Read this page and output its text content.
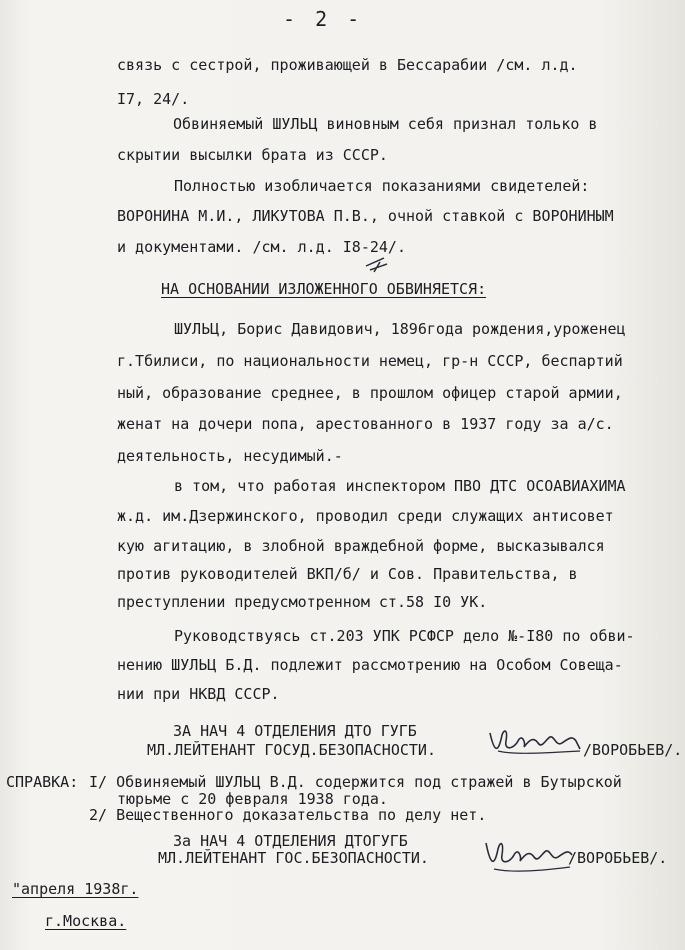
- 2 -
связь с сестрой, проживающей в Бессарабии /см. л.д.
I7, 24/.
Обвиняемый ШУЛЬЦ виновным себя признал только в
скрытии высылки брата из СССР.
Полностью изобличается показаниями свидетелей:
ВОРОНИНА М.И., ЛИКУТОВА П.В., очной ставкой с ВОРОНИНЫМ
и документами. /см. л.д. I8-24/.
НА ОСНОВАНИИ ИЗЛОЖЕННОГО ОБВИНЯЕТСЯ:
ШУЛЬЦ, Борис Давидович, 1896года рождения,уроженец
г.Тбилиси, по национальности немец, гр-н СССР, беспартий
ный, образование среднее, в прошлом офицер старой армии,
женат на дочери попа, арестованного в 1937 году за а/с.
деятельность, несудимый.-
в том, что работая инспектором ПВО ДТС ОСОАВИАХИМА
ж.д. им.Дзержинского, проводил среди служащих антисовет
кую агитацию, в злобной враждебной форме, высказывался
против руководителей ВКП/б/ и Сов. Правительства, в
преступлении предусмотренном ст.58 I0 УК.
Руководствуясь ст.203 УПК РСФСР дело №-I80 по обви-
нению ШУЛЬЦ Б.Д. подлежит рассмотрению на Особом Совеща-
нии при НКВД СССР.
ЗА НАЧ 4 ОТДЕЛЕНИЯ ДТО ГУГБ
МЛ.ЛЕЙТЕНАНТ ГОСУД.БЕЗОПАСНОСТИ.	/ВОРОБЬЕВ/.
СПРАВКА: I/ Обвиняемый ШУЛЬЦ В.Д. содержится под стражей в Бутырской
тюрьме с 20 февраля 1938 года.
2/ Вещественного доказательства по делу нет.
За НАЧ 4 ОТДЕЛЕНИЯ ДТОГУГБ
МЛ.ЛЕЙТЕНАНТ ГОС.БЕЗОПАСНОСТИ.	/ВОРОБЬЕВ/.
"апреля 1938г.
г.Москва.
